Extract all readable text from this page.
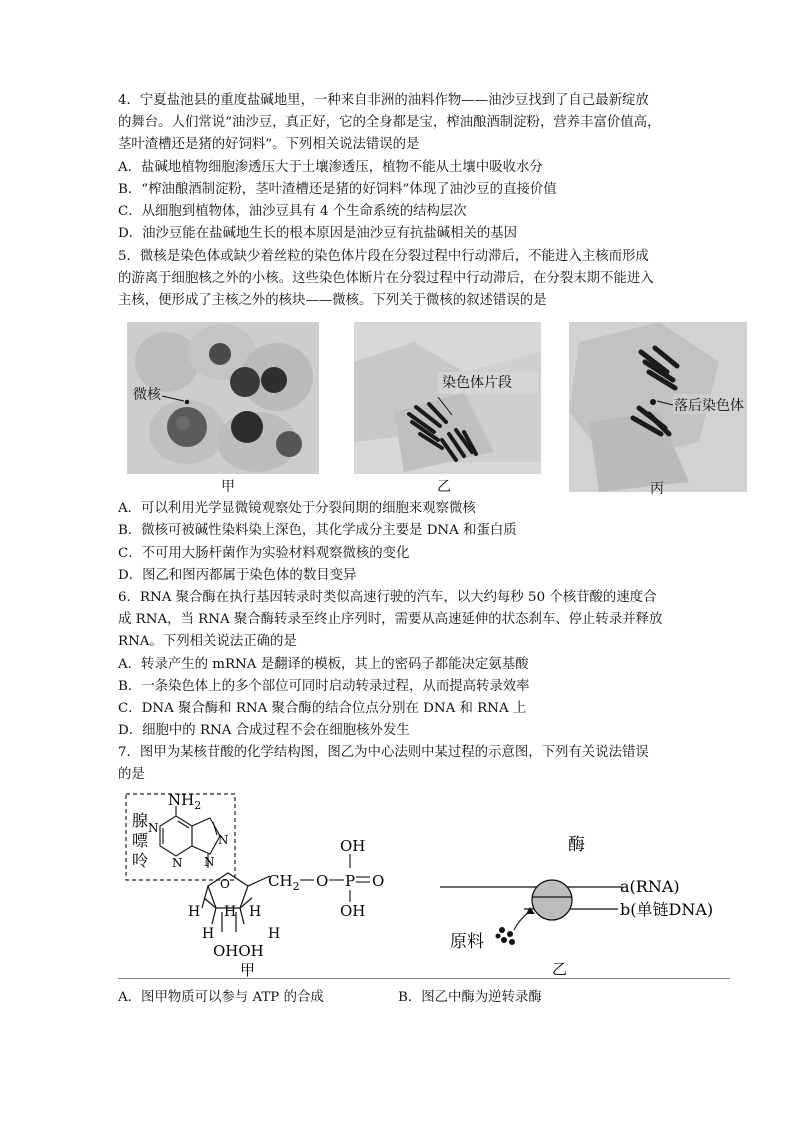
4．宁夏盐池县的重度盐碱地里，一种来自非洲的油料作物——油沙豆找到了自己最新绽放
的舞台。人们常说“油沙豆，真正好，它的全身都是宝，榨油酿酒制淀粉，营养丰富价值高，
茎叶渣槽还是猪的好饲料”。下列相关说法错误的是
A．盐碱地植物细胞渗透压大于土壤渗透压，植物不能从土壤中吸收水分
B．“榨油酿酒制淀粉，茎叶渣槽还是猪的好饲料”体现了油沙豆的直接价值
C．从细胞到植物体，油沙豆具有 4 个生命系统的结构层次
D．油沙豆能在盐碱地生长的根本原因是油沙豆有抗盐碱相关的基因
5．微核是染色体或缺少着丝粒的染色体片段在分裂过程中行动滞后，不能进入主核而形成
的游离于细胞核之外的小核。这些染色体断片在分裂过程中行动滞后，在分裂末期不能进入
主核，便形成了主核之外的核块——微核。下列关于微核的叙述错误的是
微核
甲
染色体片段
乙
落后染色体
丙
A．可以利用光学显微镜观察处于分裂间期的细胞来观察微核
B．微核可被碱性染料染上深色，其化学成分主要是 DNA 和蛋白质
C．不可用大肠杆菌作为实验材料观察微核的变化
D．图乙和图丙都属于染色体的数目变异
6．RNA 聚合酶在执行基因转录时类似高速行驶的汽车，以大约每秒 50 个核苷酸的速度合
成 RNA，当 RNA 聚合酶转录至终止序列时，需要从高速延伸的状态刹车、停止转录并释放
RNA。下列相关说法正确的是
A．转录产生的 mRNA 是翻译的模板，其上的密码子都能决定氨基酸
B．一条染色体上的多个部位可同时启动转录过程，从而提高转录效率
C．DNA 聚合酶和 RNA 聚合酶的结合位点分别在 DNA 和 RNA 上
D．细胞中的 RNA 合成过程不会在细胞核外发生
7．图甲为某核苷酸的化学结构图，图乙为中心法则中某过程的示意图，下列有关说法错误
的是
腺
嘌
呤
$NH_2$
N
N
N
N
O
H H H
H	H
OHOH
$CH_2$ O P O
OH
OH
甲
酶
a(RNA)
b(单链DNA)
原料
乙
A．图甲物质可以参与 ATP 的合成	B．图乙中酶为逆转录酶
